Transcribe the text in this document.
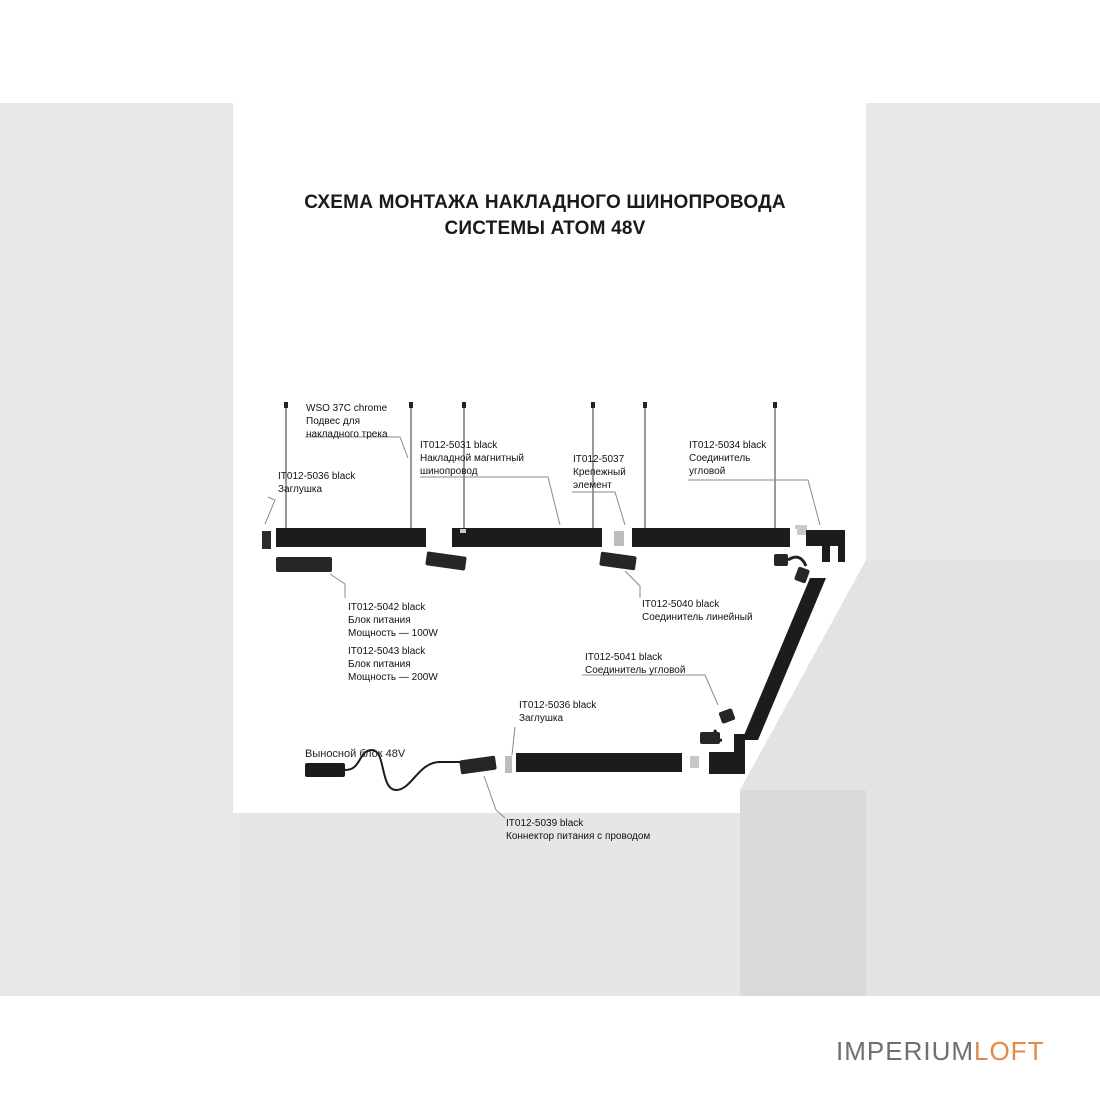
СХЕМА МОНТАЖА НАКЛАДНОГО ШИНОПРОВОДА
СИСТЕМЫ ATOM 48V
WSO 37C chrome
Подвес для
накладного трека
IT012-5036 black
Заглушка
IT012-5031 black
Накладной магнитный
шинопровод
IT012-5037
Крепежный
элемент
IT012-5034 black
Соединитель
угловой
IT012-5042 black
Блок питания
Мощность — 100W
IT012-5043 black
Блок питания
Мощность — 200W
IT012-5040 black
Соединитель линейный
IT012-5041 black
Соединитель угловой
IT012-5036 black
Заглушка
IT012-5039 black
Коннектор питания с проводом
Выносной блок 48V
IMPERIUMLOFT
